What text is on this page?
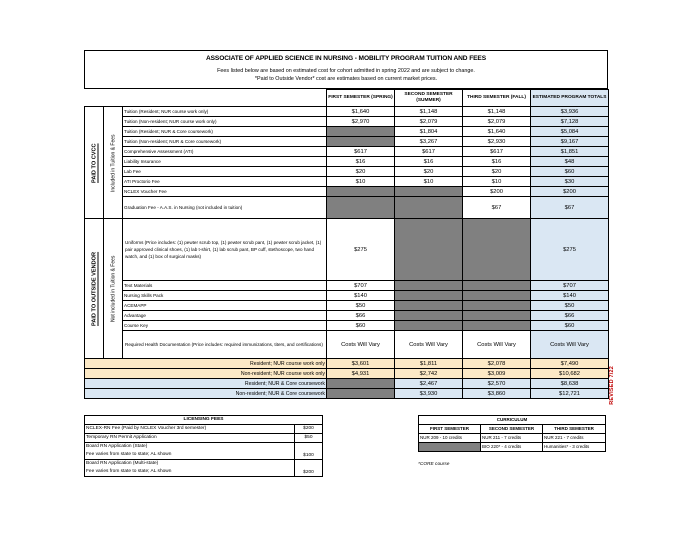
ASSOCIATE OF APPLIED SCIENCE IN NURSING - MOBILITY PROGRAM TUITION AND FEES
Fees listed below are based on estimated cost for cohort admitted in spring 2022 and are subject to change.
*Paid to Outside Vendor* cost are estimates based on current market prices.
			FIRST SEMESTER (SPRING)	SECOND SEMESTER (SUMMER)	THIRD SEMESTER (FALL)	ESTIMATED PROGRAM TOTALS
PAID TO CVCC	Included in Tuition & Fees	Tuition (Resident; NUR course work only)	$1,640	$1,148	$1,148	$3,936
		Tuition (Non-resident; NUR course work only)	$2,970	$2,079	$2,079	$7,128
		Tuition (Resident; NUR & Core coursework)		$1,804	$1,640	$5,084
		Tuition (Non-resident; NUR & Core coursework)		$3,267	$2,930	$9,167
		Comprehensive Assessment (ATI)	$617	$617	$617	$1,851
		Liability Insurance	$16	$16	$16	$48
		Lab Fee	$20	$20	$20	$60
		ATI Proctorio Fee	$10	$10	$10	$30
		NCLEX Voucher Fee			$200	$200
		Graduation Fee - A.A.S. in Nursing (not included in tuition)			$67	$67
PAID TO OUTSIDE VENDOR	Not included in Tuition & Fees	Uniforms (Price includes: (1) pewter scrub top, (1) pewter scrub pant, (1) pewter scrub jacket, (1) pair approved clinical shoes, (1) lab t-shirt, (1) lab scrub pant, BP cuff, stethoscope, two hand watch, and (1) box of surgical masks)	$275			$275
		Text Materials	$707			$707
		Nursing Skills Pack	$140			$140
		ACEMAPP	$50			$50
		Advantage	$66			$66
		Course Key	$60			$60
		Required Health Documentation (Price includes: required immunizations, titers, and certifications)	Costs Will Vary	Costs Will Vary	Costs Will Vary	Costs Will Vary
Resident; NUR course work only			$3,601	$1,811	$2,078	$7,490
Non-resident; NUR course work only			$4,931	$2,742	$3,009	$10,682
Resident; NUR & Core coursework				$2,467	$2,570	$8,638
Non-resident; NUR & Core coursework				$3,930	$3,860	$12,721	REVISED 7/22
LICENSING FEES	
NCLEX-RN Fee (Paid by NCLEX Voucher 3rd semester)	$200
Temporary RN Permit Application	$50
Board RN Application (State)	$100
Fee varies from state to state; AL shown	
Board RN Application (Multi-state)	$200
Fee varies from state to state; AL shown	
CURRICULUM		
FIRST SEMESTER	SECOND SEMESTER	THIRD SEMESTER
NUR 209 - 10 credits	NUR 211 - 7 credits	NUR 221 - 7 credits
	BIO 220* - 4 credits	Humanities* - 3 credits
*CORE course
